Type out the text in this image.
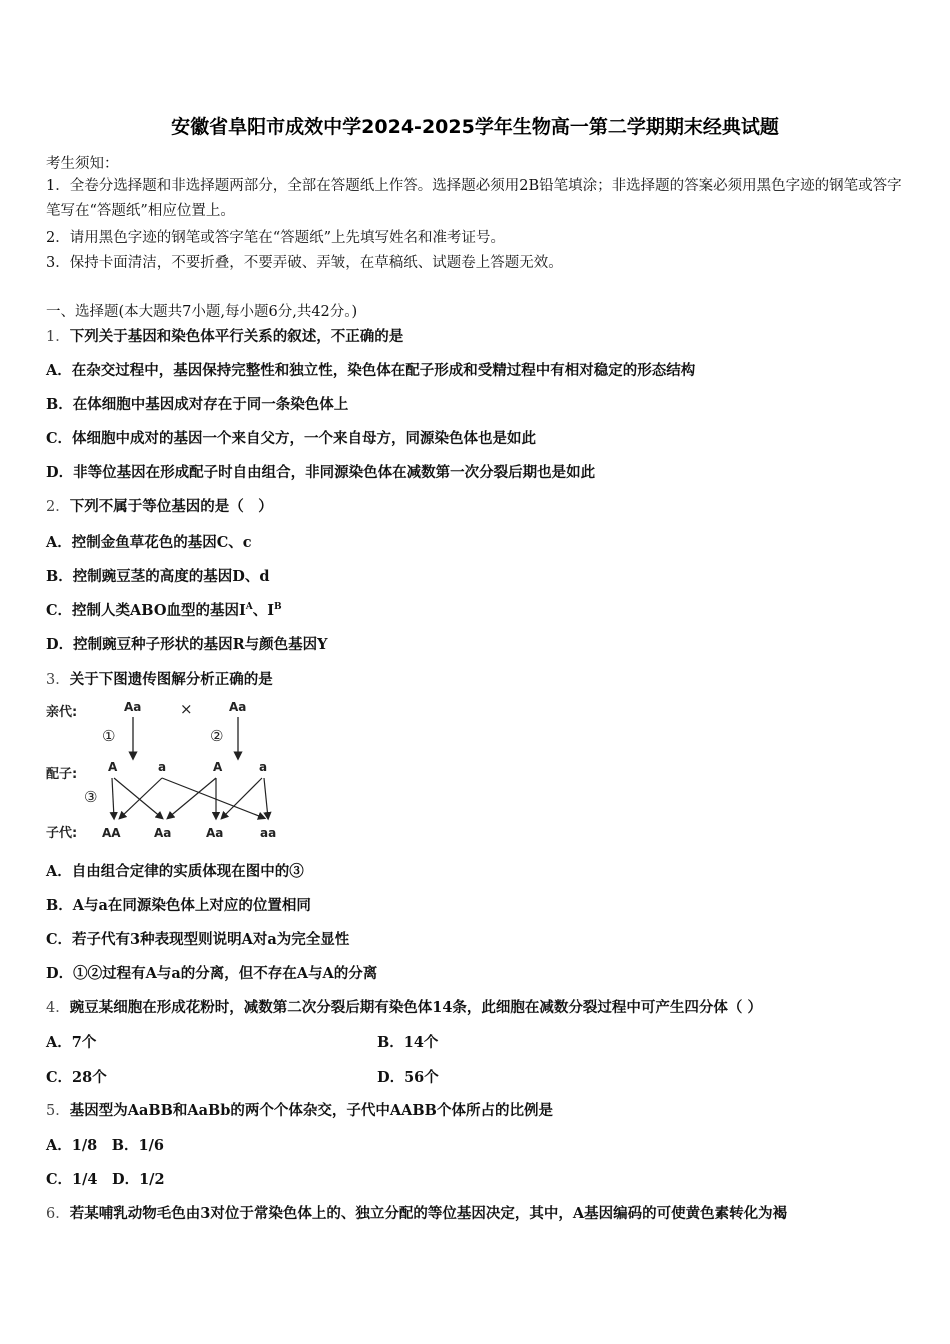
安徽省阜阳市成效中学2024-2025学年生物高一第二学期期末经典试题
考生须知：
1．全卷分选择题和非选择题两部分，全部在答题纸上作答。选择题必须用2B铅笔填涂；非选择题的答案必须用黑色字迹的钢笔或答字笔写在“答题纸”相应位置上。
2．请用黑色字迹的钢笔或答字笔在“答题纸”上先填写姓名和准考证号。
3．保持卡面清洁，不要折叠，不要弄破、弄皱，在草稿纸、试题卷上答题无效。
一、选择题(本大题共7小题,每小题6分,共42分。)
1．下列关于基因和染色体平行关系的叙述，不正确的是
A．在杂交过程中，基因保持完整性和独立性，染色体在配子形成和受精过程中有相对稳定的形态结构
B．在体细胞中基因成对存在于同一条染色体上
C．体细胞中成对的基因一个来自父方，一个来自母方，同源染色体也是如此
D．非等位基因在形成配子时自由组合，非同源染色体在减数第一次分裂后期也是如此
2．下列不属于等位基因的是（　）
A．控制金鱼草花色的基因C、c
B．控制豌豆茎的高度的基因D、d
C．控制人类ABO血型的基因$I^A$、$I^B$
D．控制豌豆种子形状的基因R与颜色基因Y
3．关于下图遗传图解分析正确的是
亲代:
配子:
子代:
Aa	×	Aa
①	②
A	a	A	a
③
AA	Aa	Aa	aa
A．自由组合定律的实质体现在图中的③
B．A与a在同源染色体上对应的位置相同
C．若子代有3种表现型则说明A对a为完全显性
D．①②过程有A与a的分离，但不存在A与A的分离
4．豌豆某细胞在形成花粉时，减数第二次分裂后期有染色体14条，此细胞在减数分裂过程中可产生四分体（ ）
A．7个	B．14个
C．28个	D．56个
5．基因型为AaBB和AaBb的两个个体杂交，子代中AABB个体所占的比例是
A．1/8　B．1/6
C．1/4　D．1/2
6．若某哺乳动物毛色由3对位于常染色体上的、独立分配的等位基因决定，其中，A基因编码的可使黄色素转化为褐
